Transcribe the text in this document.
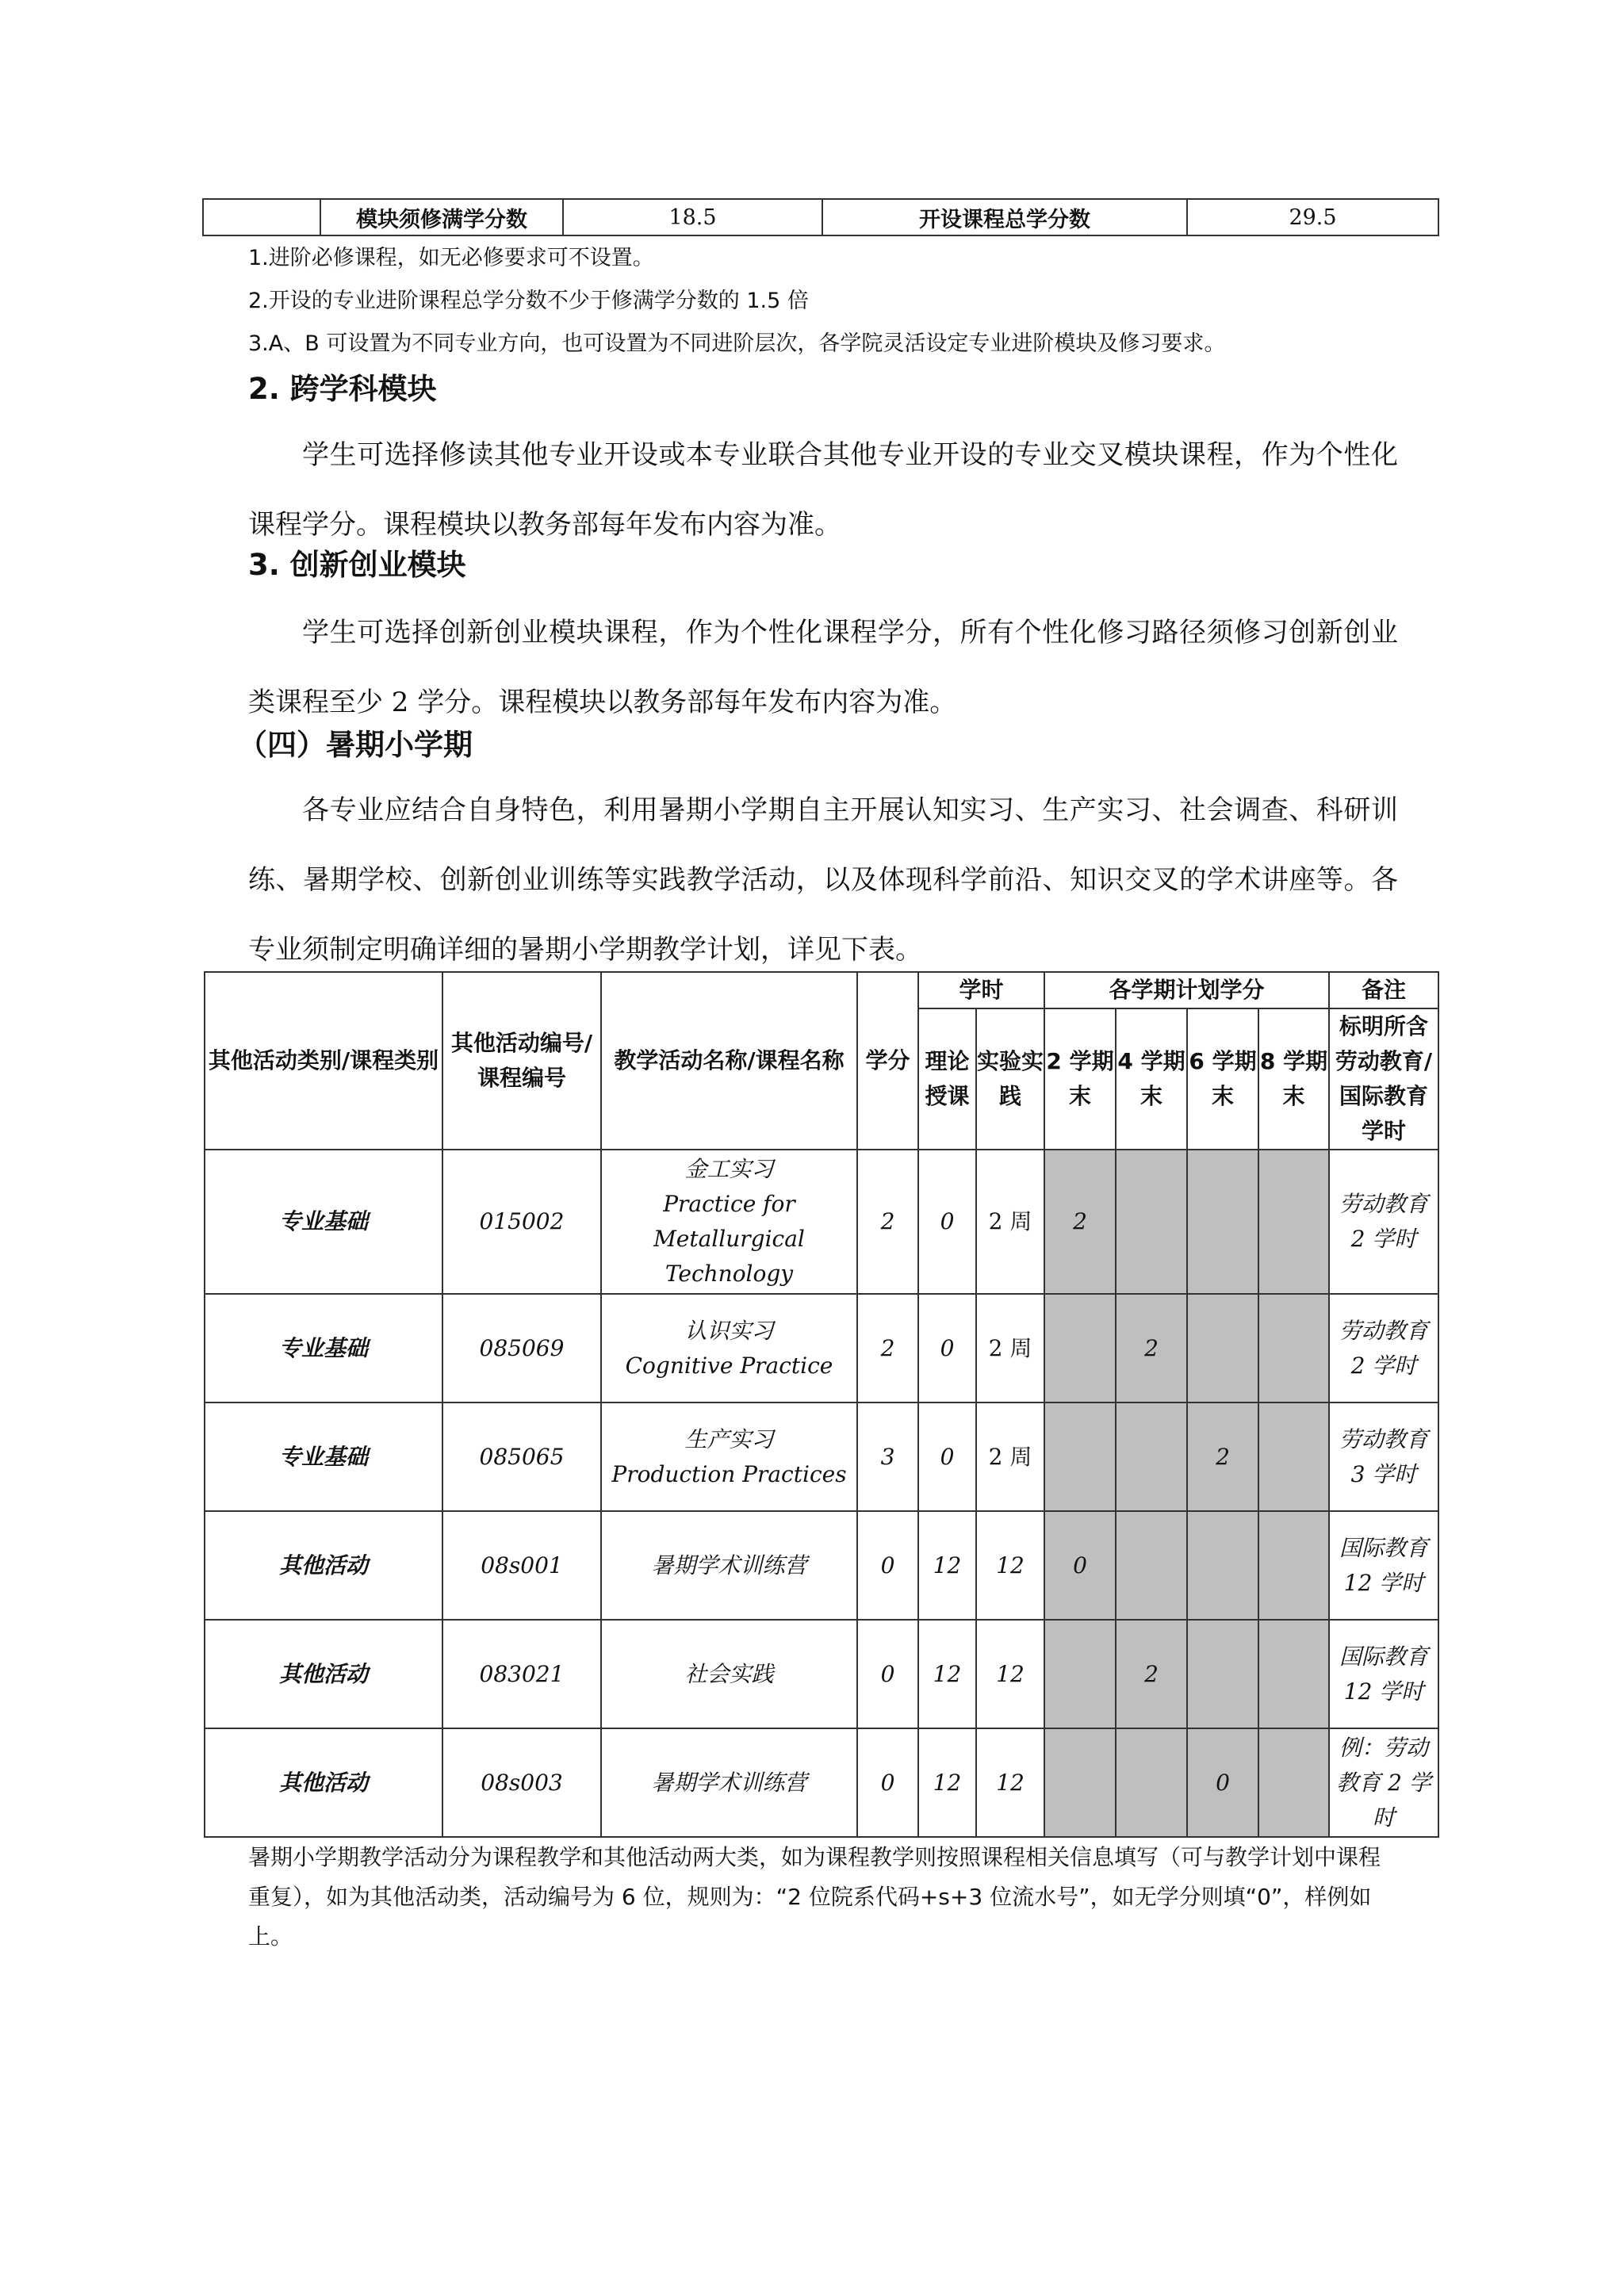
	模块须修满学分数	18.5	开设课程总学分数	29.5
1.进阶必修课程，如无必修要求可不设置。
2.开设的专业进阶课程总学分数不少于修满学分数的 1.5 倍
3.A、B 可设置为不同专业方向，也可设置为不同进阶层次，各学院灵活设定专业进阶模块及修习要求。
2. 跨学科模块
学生可选择修读其他专业开设或本专业联合其他专业开设的专业交叉模块课程，作为个性化课程学分。课程模块以教务部每年发布内容为准。
3. 创新创业模块
学生可选择创新创业模块课程，作为个性化课程学分，所有个性化修习路径须修习创新创业类课程至少 2 学分。课程模块以教务部每年发布内容为准。
（四）暑期小学期
各专业应结合自身特色，利用暑期小学期自主开展认知实习、生产实习、社会调查、科研训练、暑期学校、创新创业训练等实践教学活动，以及体现科学前沿、知识交叉的学术讲座等。各专业须制定明确详细的暑期小学期教学计划，详见下表。
其他活动类别/课程类别	其他活动编号/课程编号	教学活动名称/课程名称	学分	学时		各学期计划学分				备注
				理论授课	实验实践	2 学期末	4 学期末	6 学期末	8 学期末	标明所含劳动教育/国际教育学时
专业基础	015002	金工实习
Practice for Metallurgical Technology	2	0	2 周	2				劳动教育 2 学时
专业基础	085069	认识实习
Cognitive Practice	2	0	2 周		2			劳动教育 2 学时
专业基础	085065	生产实习
Production Practices	3	0	2 周			2		劳动教育 3 学时
其他活动	08s001	暑期学术训练营	0	12	12	0				国际教育 12 学时
其他活动	083021	社会实践	0	12	12		2			国际教育 12 学时
其他活动	08s003	暑期学术训练营	0	12	12			0		例：劳动教育 2 学时
暑期小学期教学活动分为课程教学和其他活动两大类，如为课程教学则按照课程相关信息填写（可与教学计划中课程重复），如为其他活动类，活动编号为 6 位，规则为：“2 位院系代码+s+3 位流水号”，如无学分则填“0”，样例如上。
